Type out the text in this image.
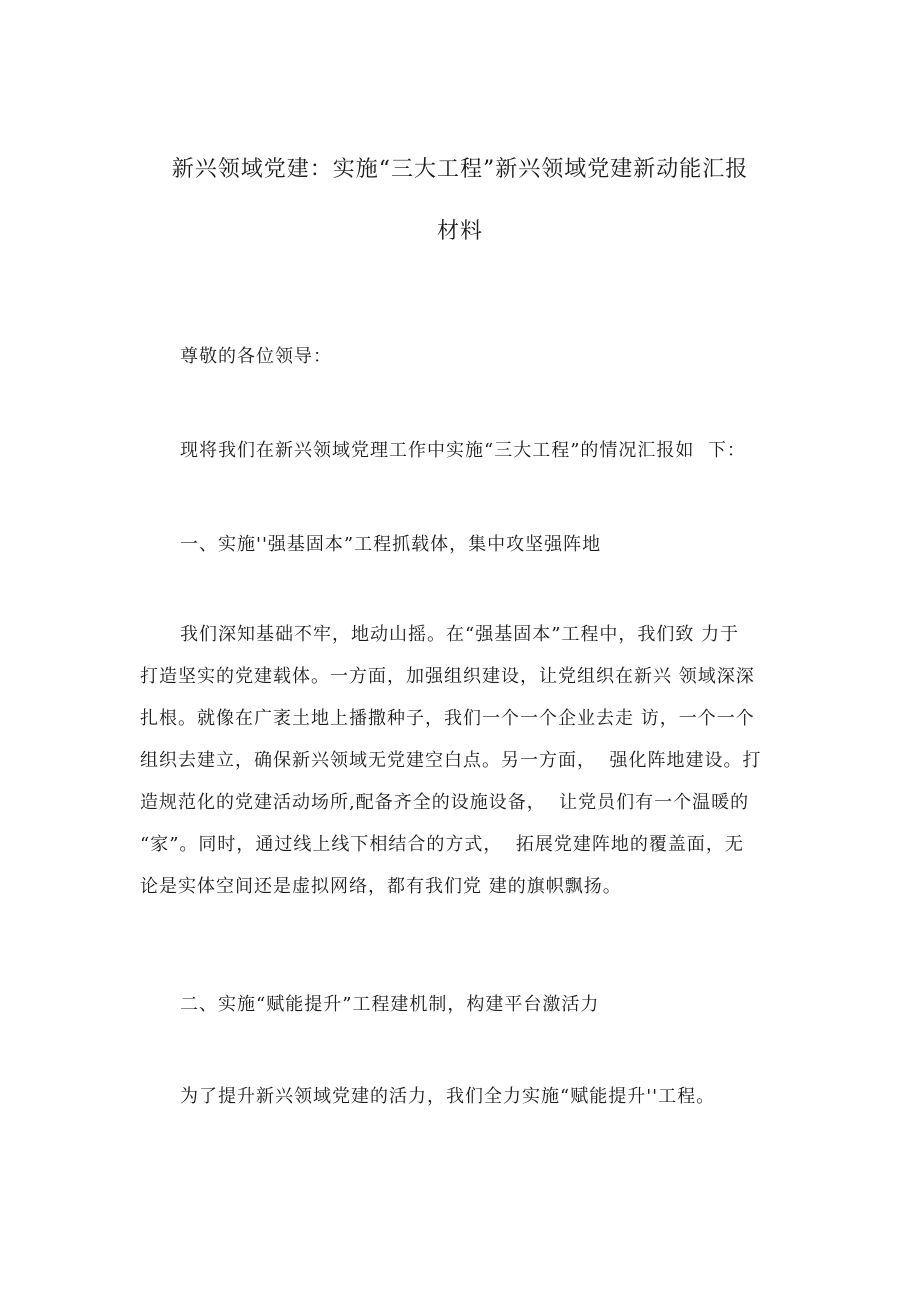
新兴领域党建：实施“三大工程”新兴领域党建新动能汇报
材料
尊敬的各位领导：
现将我们在新兴领域党理工作中实施“三大工程”的情况汇报如  下：
一、实施''强基固本”工程抓载体，集中攻坚强阵地
我们深知基础不牢，地动山摇。在“强基固本”工程中，我们致 力于
打造坚实的党建载体。一方面，加强组织建设，让党组织在新兴 领域深深
扎根。就像在广袤土地上播撒种子，我们一个一个企业去走 访，一个一个
组织去建立，确保新兴领域无党建空白点。另一方面，  强化阵地建设。打
造规范化的党建活动场所,配备齐全的设施设备，  让党员们有一个温暖的
“家”。同时，通过线上线下相结合的方式，  拓展党建阵地的覆盖面，无
论是实体空间还是虚拟网络，都有我们党 建的旗帜飘扬。
二、实施“赋能提升”工程建机制，构建平台激活力
为了提升新兴领域党建的活力，我们全力实施“赋能提升''工程。
